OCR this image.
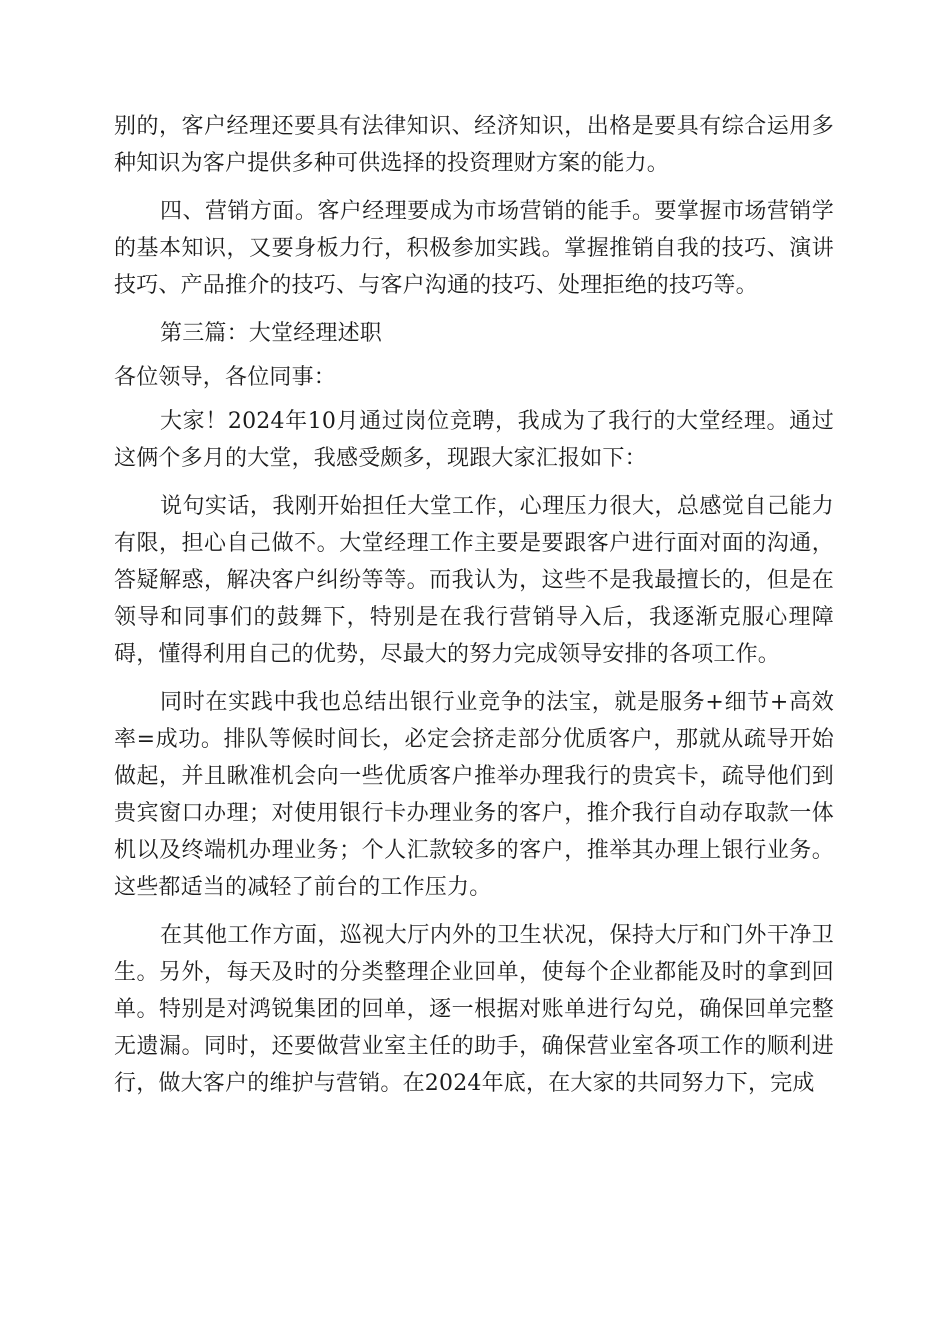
别的，客户经理还要具有法律知识、经济知识，出格是要具有综合运用多种知识为客户提供多种可供选择的投资理财方案的能力。

四、营销方面。客户经理要成为市场营销的能手。要掌握市场营销学的基本知识，又要身板力行，积极参加实践。掌握推销自我的技巧、演讲技巧、产品推介的技巧、与客户沟通的技巧、处理拒绝的技巧等。

第三篇：大堂经理述职

各位领导，各位同事：

大家！2024年10月通过岗位竞聘，我成为了我行的大堂经理。通过这俩个多月的大堂，我感受颇多，现跟大家汇报如下：

说句实话，我刚开始担任大堂工作，心理压力很大，总感觉自己能力有限，担心自己做不。大堂经理工作主要是要跟客户进行面对面的沟通，答疑解惑，解决客户纠纷等等。而我认为，这些不是我最擅长的，但是在领导和同事们的鼓舞下，特别是在我行营销导入后，我逐渐克服心理障碍，懂得利用自己的优势，尽最大的努力完成领导安排的各项工作。

同时在实践中我也总结出银行业竞争的法宝，就是服务+细节+高效率=成功。排队等候时间长，必定会挤走部分优质客户，那就从疏导开始做起，并且瞅准机会向一些优质客户推举办理我行的贵宾卡，疏导他们到贵宾窗口办理；对使用银行卡办理业务的客户，推介我行自动存取款一体机以及终端机办理业务；个人汇款较多的客户，推举其办理上银行业务。这些都适当的减轻了前台的工作压力。

在其他工作方面，巡视大厅内外的卫生状况，保持大厅和门外干净卫生。另外，每天及时的分类整理企业回单，使每个企业都能及时的拿到回单。特别是对鸿锐集团的回单，逐一根据对账单进行勾兑，确保回单完整无遗漏。同时，还要做营业室主任的助手，确保营业室各项工作的顺利进行，做大客户的维护与营销。在2024年底，在大家的共同努力下，完成
